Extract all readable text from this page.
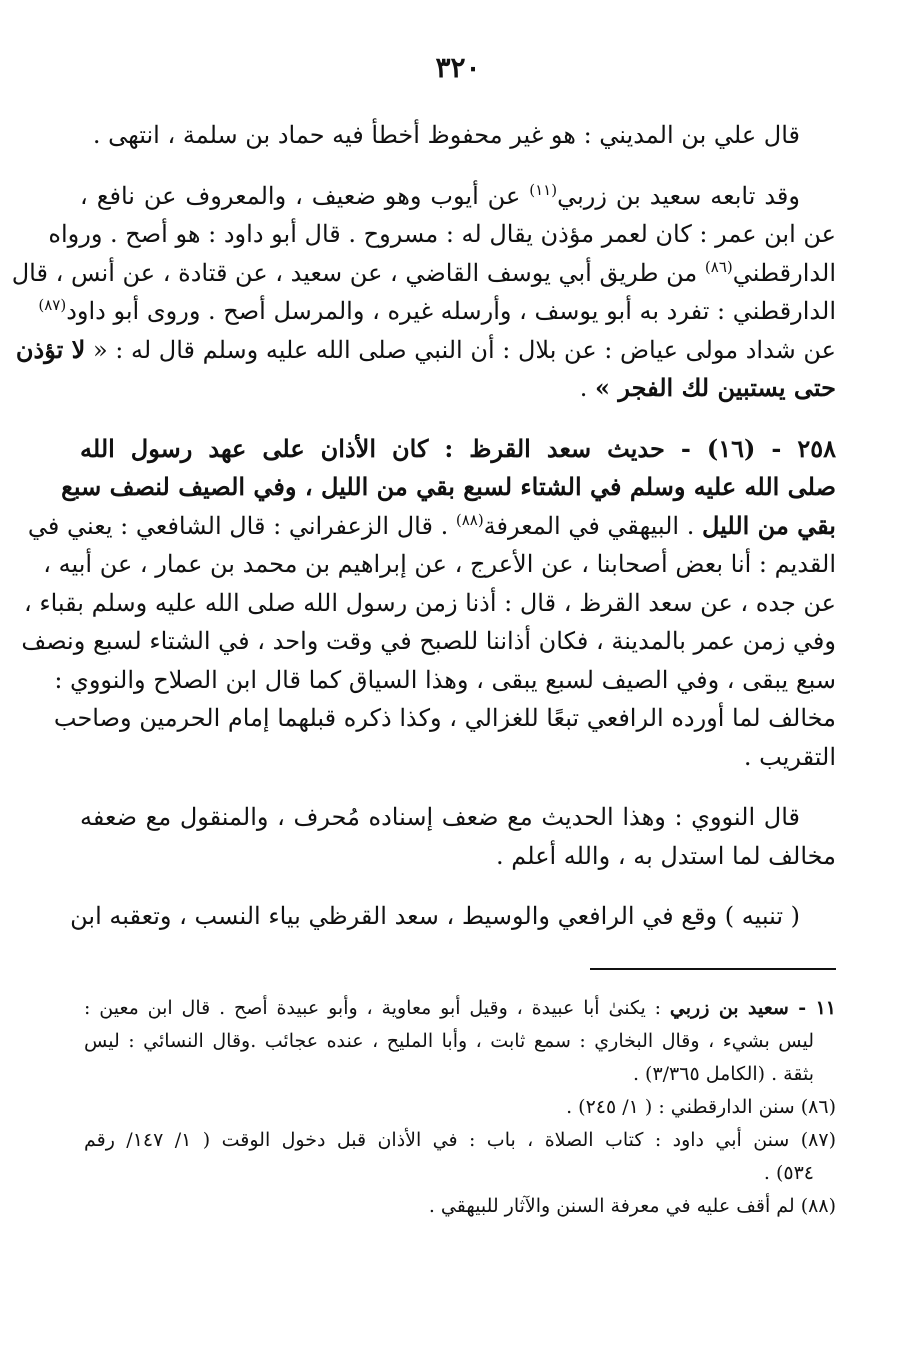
٣٢٠
قال علي بن المديني : هو غير محفوظ أخطأ فيه حماد بن سلمة ، انتهى .
وقد تابعه سعيد بن زربي$^{(١١)}$ عن أيوب وهو ضعيف ، والمعروف عن نافع ،
عن ابن عمر : كان لعمر مؤذن يقال له : مسروح . قال أبو داود : هو أصح . ورواه
الدارقطني$^{(٨٦)}$ من طريق أبي يوسف القاضي ، عن سعيد ، عن قتادة ، عن أنس ، قال
الدارقطني : تفرد به أبو يوسف ، وأرسله غيره ، والمرسل أصح . وروى أبو داود$^{(٨٧)}$
عن شداد مولى عياض : عن بلال : أن النبي صلى الله عليه وسلم قال له : « لا تؤذن
حتى يستبين لك الفجر » .
٢٥٨ - (١٦) - حديث سعد القرظ : كان الأذان على عهد رسول الله
صلى الله عليه وسلم في الشتاء لسبع بقي من الليل ، وفي الصيف لنصف سبع
بقي من الليل . البيهقي في المعرفة$^{(٨٨)}$ . قال الزعفراني : قال الشافعي : يعني في
القديم : أنا بعض أصحابنا ، عن الأعرج ، عن إبراهيم بن محمد بن عمار ، عن أبيه ،
عن جده ، عن سعد القرظ ، قال : أذنا زمن رسول الله صلى الله عليه وسلم بقباء ،
وفي زمن عمر بالمدينة ، فكان أذاننا للصبح في وقت واحد ، في الشتاء لسبع ونصف
سبع يبقى ، وفي الصيف لسبع يبقى ، وهذا السياق كما قال ابن الصلاح والنووي :
مخالف لما أورده الرافعي تبعًا للغزالي ، وكذا ذكره قبلهما إمام الحرمين وصاحب
التقريب .
قال النووي : وهذا الحديث مع ضعف إسناده مُحرف ، والمنقول مع ضعفه
مخالف لما استدل به ، والله أعلم .
( تنبيه ) وقع في الرافعي والوسيط ، سعد القرظي بياء النسب ، وتعقبه ابن
١١ - سعيد بن زربي : يكنىٰ أبا عبيدة ، وقيل أبو معاوية ، وأبو عبيدة أصح . قال ابن معين :
ليس بشيء ، وقال البخاري : سمع ثابت ، وأبا المليح ، عنده عجائب .وقال النسائي : ليس
بثقة . (الكامل ٣/٣٦٥) .
(٨٦) سنن الدارقطني : ( ١/ ٢٤٥) .
(٨٧) سنن أبي داود : كتاب الصلاة ، باب : في الأذان قبل دخول الوقت ( ١/ ١٤٧/ رقم
٥٣٤) .
(٨٨) لم أقف عليه في معرفة السنن والآثار للبيهقي .
